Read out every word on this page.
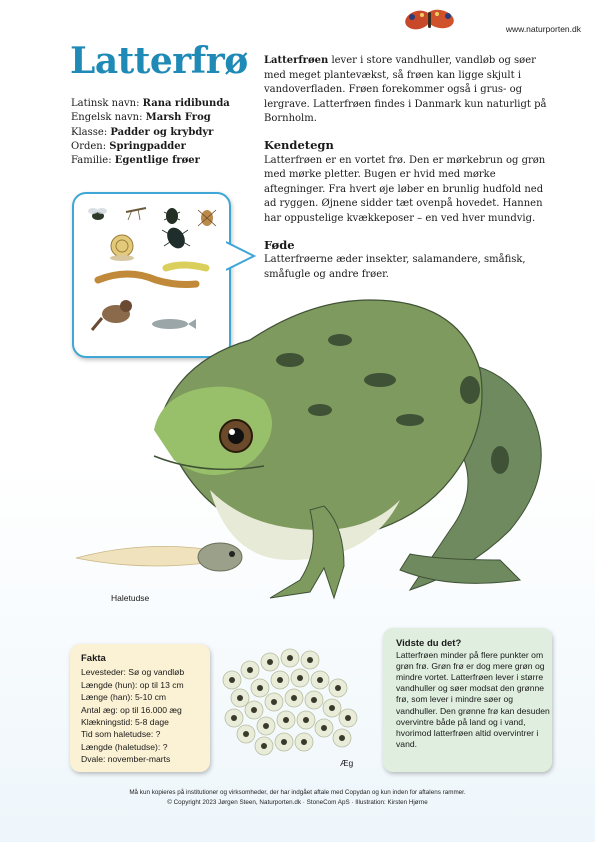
www.naturporten.dk
Latterfrø
Latinsk navn: Rana ridibunda
Engelsk navn: Marsh Frog
Klasse: Padder og krybdyr
Orden: Springpadder
Familie: Egentlige frøer

Latterfrøen lever i store vandhuller, vandløb og søer med meget plantevækst, så frøen kan ligge skjult i vandoverfladen. Frøen forekommer også i grus- og lergrave. Latterfrøen findes i Danmark kun naturligt på Bornholm.

Kendetegn

Latterfrøen er en vortet frø. Den er mørkebrun og grøn med mørke pletter. Bugen er hvid med mørke aftegninger. Fra hvert øje løber en brunlig hudfold ned ad ryggen. Øjnene sidder tæt ovenpå hovedet. Hannen har oppustelige kvækkeposer – en ved hver mundvig.

Føde

Latterfrøerne æder insekter, salamandere, småfisk, småfugle og andre frøer.

Haletudse
Fakta
Levesteder: Sø og vandløb
Længde (hun): op til 13 cm
Længe (han): 5-10 cm
Antal æg: op til 16.000 æg
Klækningstid: 5-8 dage
Tid som haletudse: ?
Længde (haletudse): ?
Dvale: november-marts	Æg
Vidste du det?
Latterfrøen minder på flere punkter om grøn frø. Grøn frø er dog mere grøn og mindre vortet. Latterfrøen lever i større vandhuller og søer modsat den grønne frø, som lever i mindre søer og vandhuller. Den grønne frø kan desuden overvintre både på land og i vand, hvorimod latterfrøen altid overvintrer i vand.
Må kun kopieres på institutioner og virksomheder, der har indgået aftale med Copydan og kun inden for aftalens rammer.
© Copyright 2023 Jørgen Steen, Naturporten.dk · StoneCom ApS · Illustration: Kirsten Hjørne
